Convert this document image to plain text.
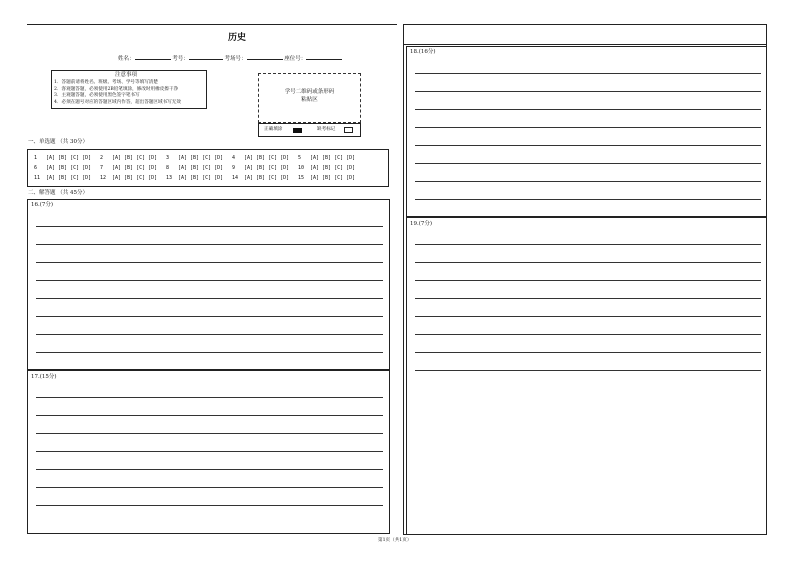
历史
姓名：	考号：	考场号：	座位号：
注意事项
1．答题前请将姓名、班级、考场、学号等填写清楚
2．客观题答题，必须使用2B铅笔填涂，修改时用橡皮擦干净
3．主观题答题，必须使用黑色签字笔书写
4．必须在题号对应的答题区域内作答，超出答题区域书写无效
学号二维码或条形码
粘贴区
正确填涂	缺考标记
一、单选题 （共 30分）
1 [A] [B] [C] [D] 2 [A] [B] [C] [D] 3 [A] [B] [C] [D] 4 [A] [B] [C] [D] 5 [A] [B] [C] [D]
6 [A] [B] [C] [D] 7 [A] [B] [C] [D] 8 [A] [B] [C] [D] 9 [A] [B] [C] [D] 10 [A] [B] [C] [D]
11 [A] [B] [C] [D] 12 [A] [B] [C] [D] 13 [A] [B] [C] [D] 14 [A] [B] [C] [D] 15 [A] [B] [C] [D]
二、解答题 （共 45分）
16.(7分)
17.(15分)
18.(16分)
19.(7分)
第1页（共1页）
